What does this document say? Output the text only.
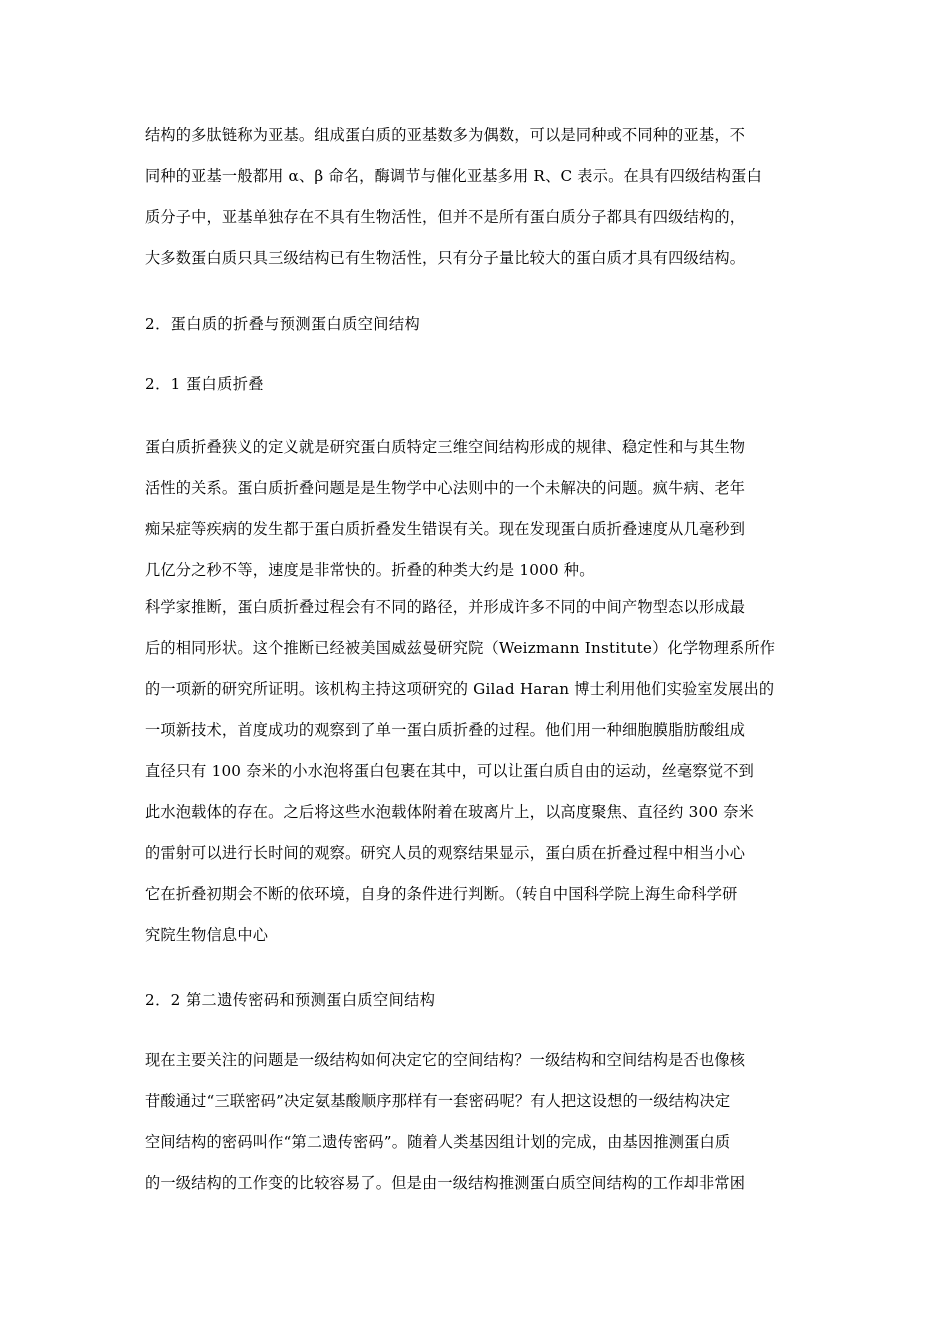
结构的多肽链称为亚基。组成蛋白质的亚基数多为偶数，可以是同种或不同种的亚基，不
同种的亚基一般都用 α、β 命名，酶调节与催化亚基多用 R、C 表示。在具有四级结构蛋白
质分子中，亚基单独存在不具有生物活性，但并不是所有蛋白质分子都具有四级结构的，
大多数蛋白质只具三级结构已有生物活性，只有分子量比较大的蛋白质才具有四级结构。
2．蛋白质的折叠与预测蛋白质空间结构
2．1 蛋白质折叠
蛋白质折叠狭义的定义就是研究蛋白质特定三维空间结构形成的规律、稳定性和与其生物
活性的关系。蛋白质折叠问题是是生物学中心法则中的一个未解决的问题。疯牛病、老年
痴呆症等疾病的发生都于蛋白质折叠发生错误有关。现在发现蛋白质折叠速度从几毫秒到
几亿分之秒不等，速度是非常快的。折叠的种类大约是 1000 种。
科学家推断，蛋白质折叠过程会有不同的路径，并形成许多不同的中间产物型态以形成最
后的相同形状。这个推断已经被美国威兹曼研究院（Weizmann Institute）化学物理系所作
的一项新的研究所证明。该机构主持这项研究的 Gilad Haran 博士利用他们实验室发展出的
一项新技术，首度成功的观察到了单一蛋白质折叠的过程。他们用一种细胞膜脂肪酸组成
直径只有 100 奈米的小水泡将蛋白包裹在其中，可以让蛋白质自由的运动，丝毫察觉不到
此水泡载体的存在。之后将这些水泡载体附着在玻离片上，以高度聚焦、直径约 300 奈米
的雷射可以进行长时间的观察。研究人员的观察结果显示，蛋白质在折叠过程中相当小心
它在折叠初期会不断的依环境，自身的条件进行判断。（转自中国科学院上海生命科学研
究院生物信息中心
2．2 第二遗传密码和预测蛋白质空间结构
现在主要关注的问题是一级结构如何决定它的空间结构？一级结构和空间结构是否也像核
苷酸通过“三联密码”决定氨基酸顺序那样有一套密码呢？有人把这设想的一级结构决定
空间结构的密码叫作“第二遗传密码”。随着人类基因组计划的完成，由基因推测蛋白质
的一级结构的工作变的比较容易了。但是由一级结构推测蛋白质空间结构的工作却非常困
